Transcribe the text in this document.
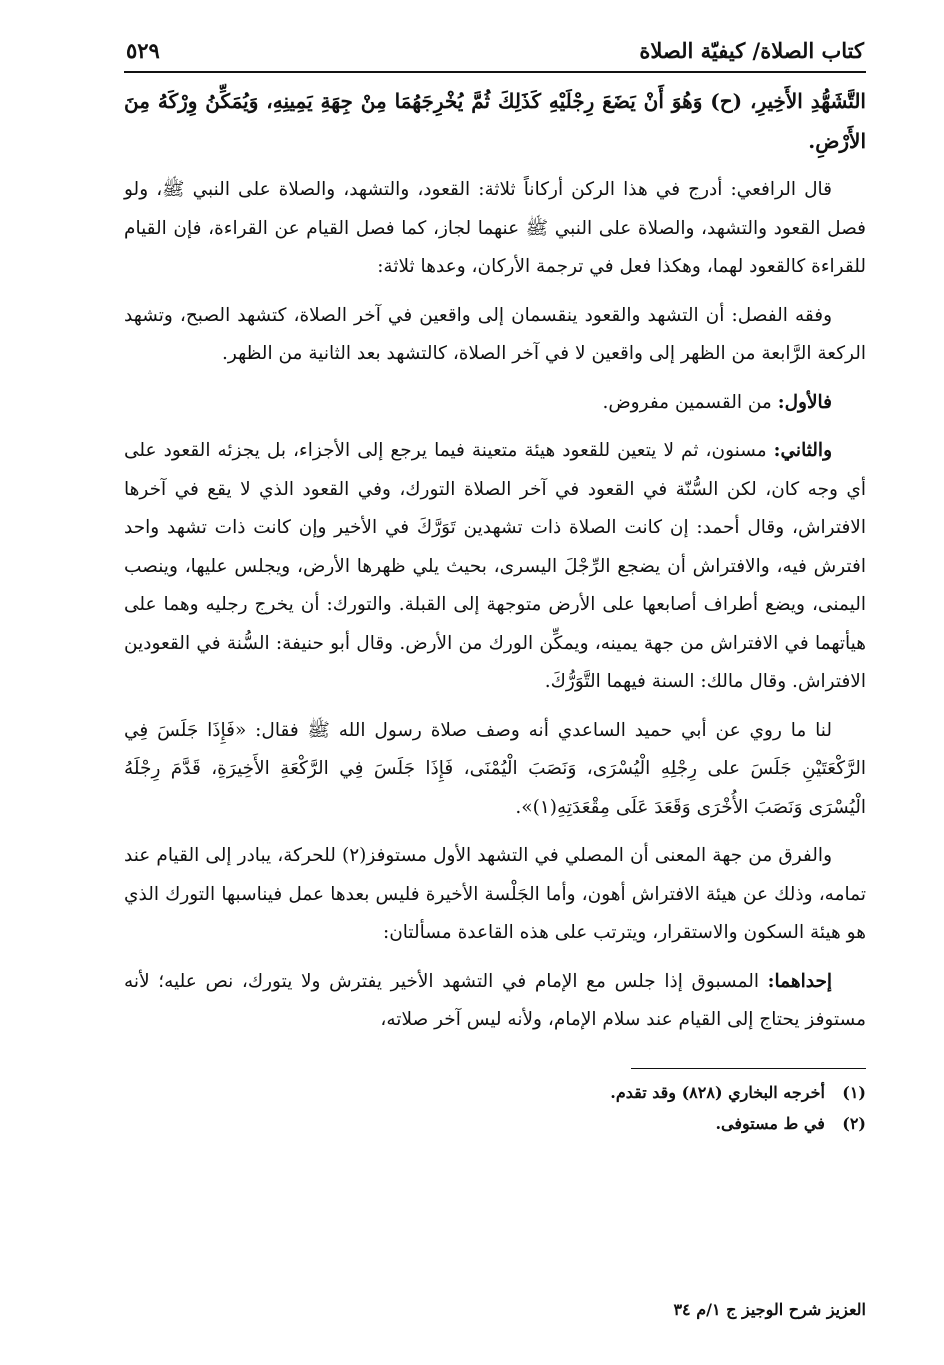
كتاب الصلاة/ كيفيّة الصلاة
٥٢٩

التَّشَهُّدِ الأَخِيرِ، (ح) وَهُوَ أَنْ يَضَعَ رِجْلَيْهِ كَذَلِكَ ثُمَّ يُخْرِجَهُمَا مِنْ جِهَةِ يَمِينِهِ، وَيُمَكِّنُ وِرْكَهُ مِنَ الأَرْضِ.

قال الرافعي: أدرج في هذا الركن أركاناً ثلاثة: القعود، والتشهد، والصلاة على النبي ﷺ، ولو فصل القعود والتشهد، والصلاة على النبي ﷺ عنهما لجاز، كما فصل القيام عن القراءة، فإن القيام للقراءة كالقعود لهما، وهكذا فعل في ترجمة الأركان، وعدها ثلاثة:

وفقه الفصل: أن التشهد والقعود ينقسمان إلى واقعين في آخر الصلاة، كتشهد الصبح، وتشهد الركعة الرَّابعة من الظهر إلى واقعين لا في آخر الصلاة، كالتشهد بعد الثانية من الظهر.

فالأول: من القسمين مفروض.

والثاني: مسنون، ثم لا يتعين للقعود هيئة متعينة فيما يرجع إلى الأجزاء، بل يجزئه القعود على أي وجه كان، لكن السُّنّة في القعود في آخر الصلاة التورك، وفي القعود الذي لا يقع في آخرها الافتراش، وقال أحمد: إن كانت الصلاة ذات تشهدين تَوَرَّكَ في الأخير وإن كانت ذات تشهد واحد افترش فيه، والافتراش أن يضجع الرِّجْلَ اليسرى، بحيث يلي ظهرها الأرض، ويجلس عليها، وينصب اليمنى، ويضع أطراف أصابعها على الأرض متوجهة إلى القبلة. والتورك: أن يخرج رجليه وهما على هيأتهما في الافتراش من جهة يمينه، ويمكِّن الورك من الأرض. وقال أبو حنيفة: السُّنة في القعودين الافتراش. وقال مالك: السنة فيهما التَّوَرُّكَ.

لنا ما روي عن أبي حميد الساعدي أنه وصف صلاة رسول الله ﷺ فقال: «فَإِذَا جَلَسَ فِي الرَّكْعَتَيْنِ جَلَسَ على رِجْلِهِ الْيُسْرَى، وَنَصَبَ الْيُمْنَى، فَإِذَا جَلَسَ فِي الرَّكْعَةِ الأَخِيرَةِ، قَدَّمَ رِجْلَهُ الْيُسْرَى وَنَصَبَ الأُخْرَى وَقَعَدَ عَلَى مِقْعَدَتِهِ(١)».

والفرق من جهة المعنى أن المصلي في التشهد الأول مستوفز(٢) للحركة، يبادر إلى القيام عند تمامه، وذلك عن هيئة الافتراش أهون، وأما الجَلْسة الأخيرة فليس بعدها عمل فيناسبها التورك الذي هو هيئة السكون والاستقرار، ويترتب على هذه القاعدة مسألتان:

إحداهما: المسبوق إذا جلس مع الإمام في التشهد الأخير يفترش ولا يتورك، نص عليه؛ لأنه مستوفز يحتاج إلى القيام عند سلام الإمام، ولأنه ليس آخر صلاته،

(١) أخرجه البخاري (٨٢٨) وقد تقدم.
(٢) في ط مستوفى.
العزيز شرح الوجيز ج ١/م ٣٤
